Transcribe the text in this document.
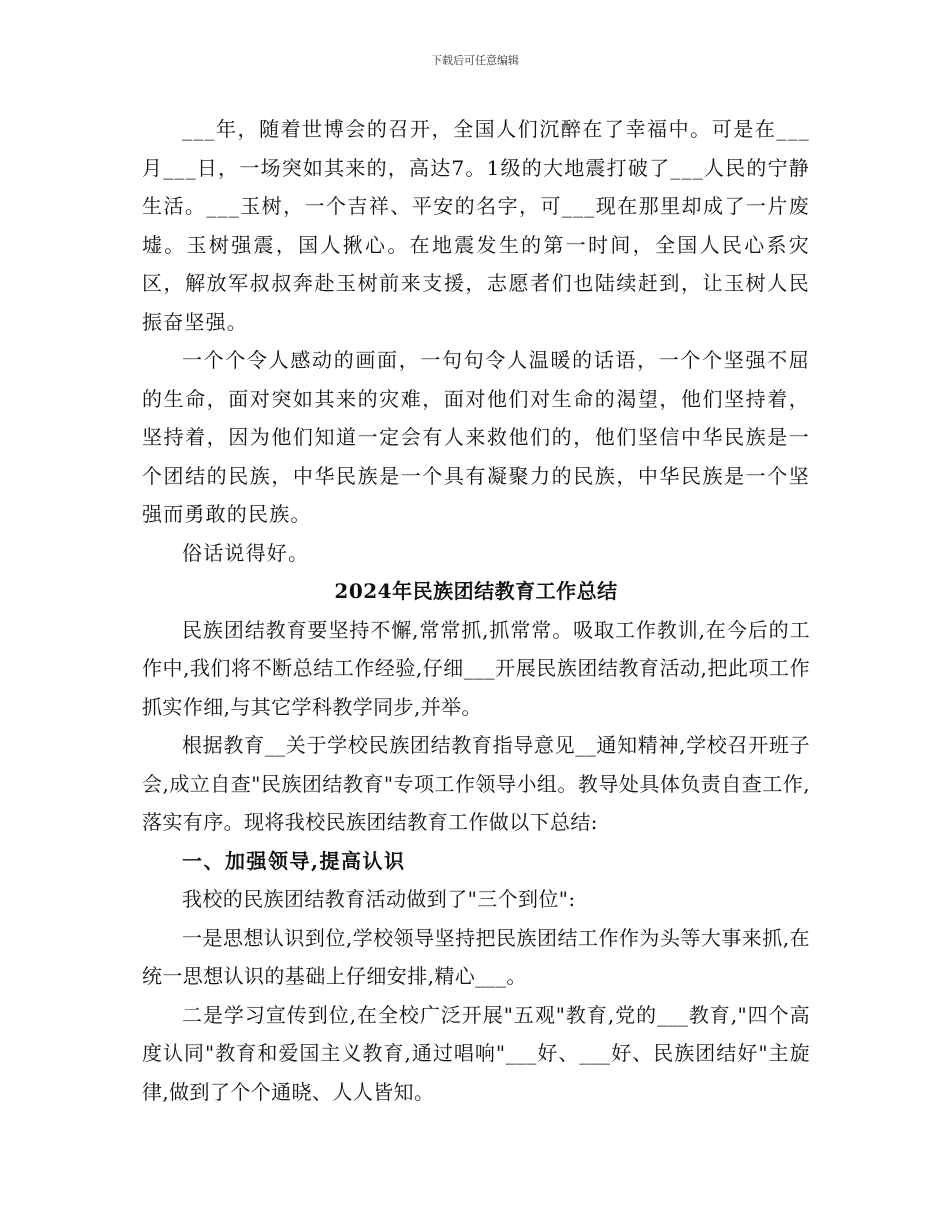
下载后可任意编辑

___年，随着世博会的召开，全国人们沉醉在了幸福中。可是在___月___日，一场突如其来的，高达7。1级的大地震打破了___人民的宁静生活。___玉树，一个吉祥、平安的名字，可___现在那里却成了一片废墟。玉树强震，国人揪心。在地震发生的第一时间，全国人民心系灾区，解放军叔叔奔赴玉树前来支援，志愿者们也陆续赶到，让玉树人民振奋坚强。

一个个令人感动的画面，一句句令人温暖的话语，一个个坚强不屈的生命，面对突如其来的灾难，面对他们对生命的渴望，他们坚持着，坚持着，因为他们知道一定会有人来救他们的，他们坚信中华民族是一个团结的民族，中华民族是一个具有凝聚力的民族，中华民族是一个坚强而勇敢的民族。

俗话说得好。

2024年民族团结教育工作总结

民族团结教育要坚持不懈,常常抓,抓常常。吸取工作教训,在今后的工作中,我们将不断总结工作经验,仔细___开展民族团结教育活动,把此项工作抓实作细,与其它学科教学同步,并举。

根据教育__关于学校民族团结教育指导意见__通知精神,学校召开班子会,成立自查"民族团结教育"专项工作领导小组。教导处具体负责自查工作,落实有序。现将我校民族团结教育工作做以下总结:

一、加强领导,提高认识

我校的民族团结教育活动做到了"三个到位":

一是思想认识到位,学校领导坚持把民族团结工作作为头等大事来抓,在统一思想认识的基础上仔细安排,精心___。

二是学习宣传到位,在全校广泛开展"五观"教育,党的___教育,"四个高度认同"教育和爱国主义教育,通过唱响"___好、___好、民族团结好"主旋律,做到了个个通晓、人人皆知。
